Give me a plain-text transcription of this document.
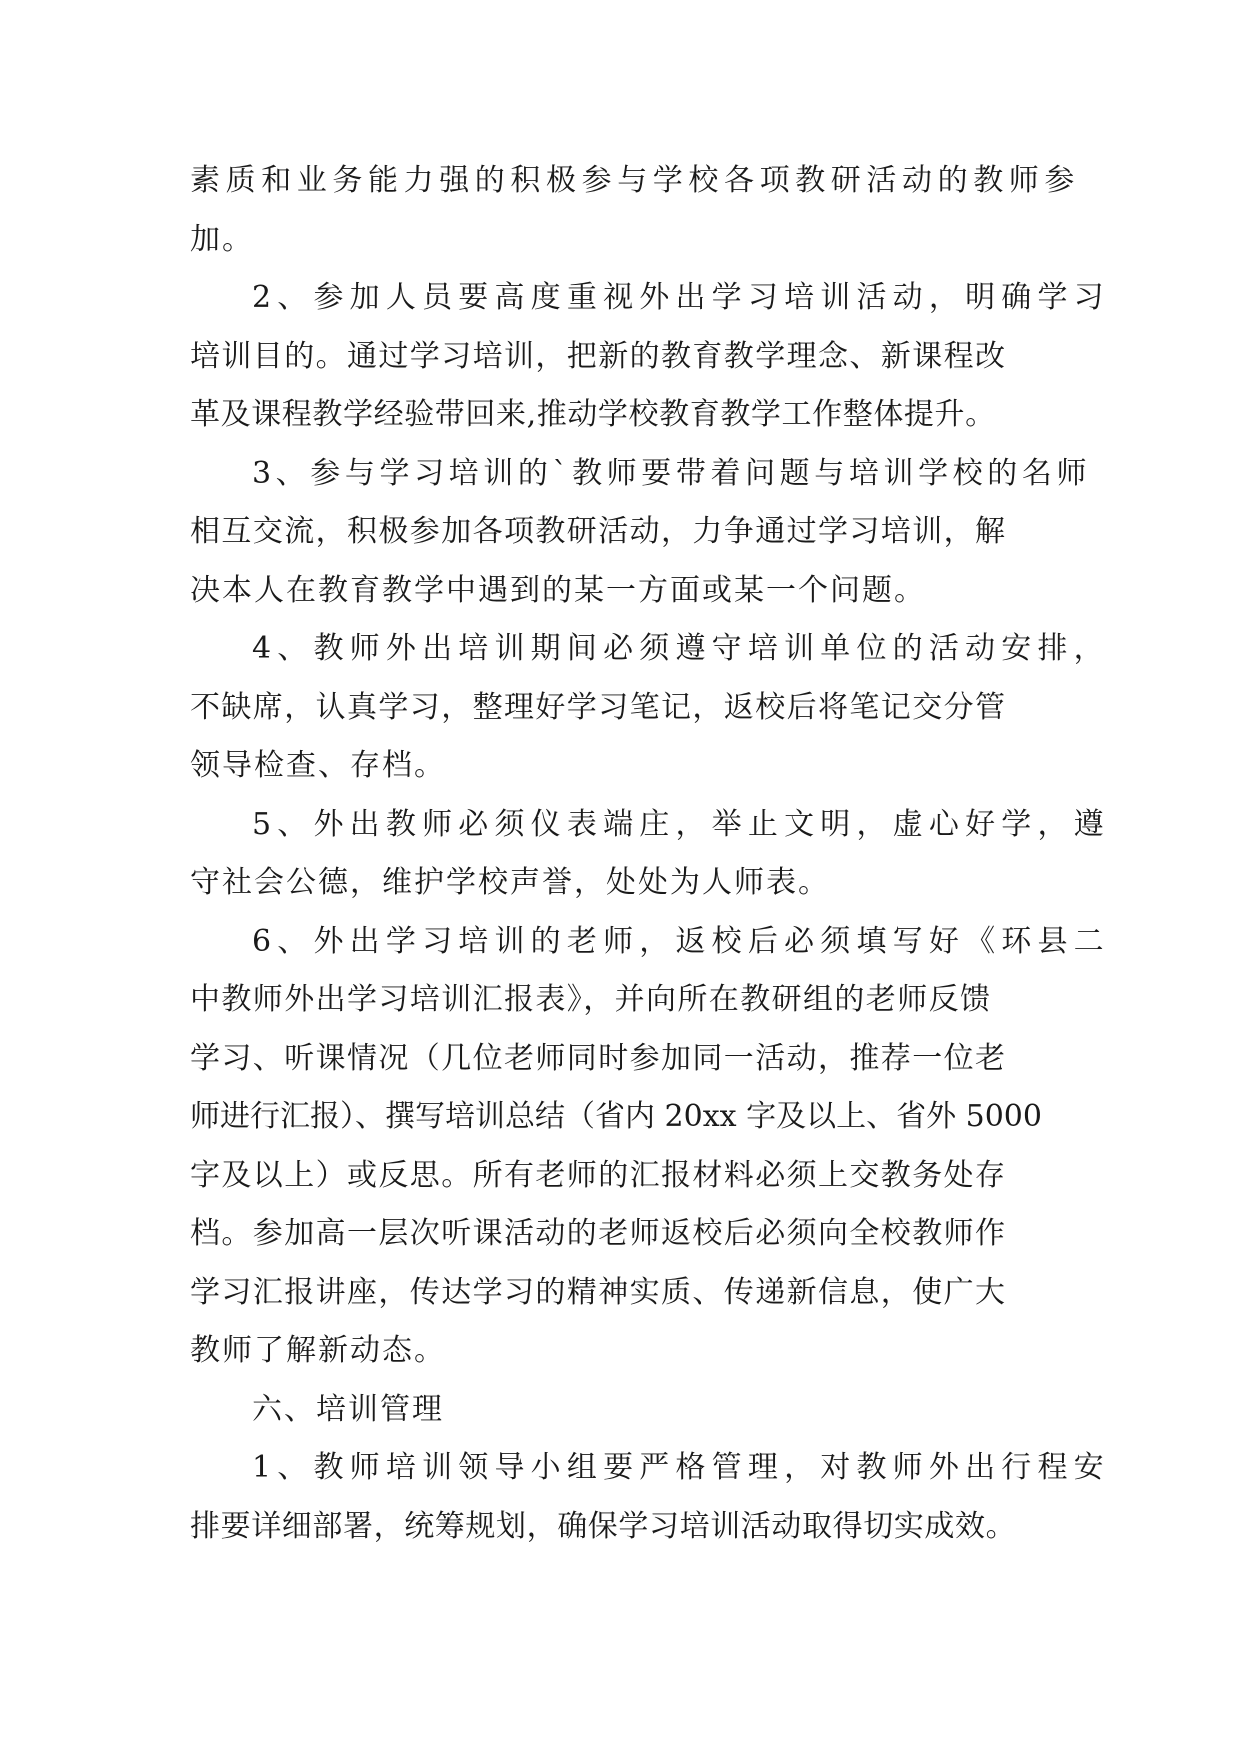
素质和业务能力强的积极参与学校各项教研活动的教师参
加。
2、参加人员要高度重视外出学习培训活动，明确学习
培训目的。通过学习培训，把新的教育教学理念、新课程改
革及课程教学经验带回来,推动学校教育教学工作整体提升。
3、参与学习培训的`教师要带着问题与培训学校的名师
相互交流，积极参加各项教研活动，力争通过学习培训，解
决本人在教育教学中遇到的某一方面或某一个问题。
4、教师外出培训期间必须遵守培训单位的活动安排，
不缺席，认真学习，整理好学习笔记，返校后将笔记交分管
领导检查、存档。
5、外出教师必须仪表端庄，举止文明，虚心好学，遵
守社会公德，维护学校声誉，处处为人师表。
6、外出学习培训的老师，返校后必须填写好《环县二
中教师外出学习培训汇报表》，并向所在教研组的老师反馈
学习、听课情况（几位老师同时参加同一活动，推荐一位老
师进行汇报）、撰写培训总结（省内 20xx 字及以上、省外 5000
字及以上）或反思。所有老师的汇报材料必须上交教务处存
档。参加高一层次听课活动的老师返校后必须向全校教师作
学习汇报讲座，传达学习的精神实质、传递新信息，使广大
教师了解新动态。
六、培训管理
1、教师培训领导小组要严格管理，对教师外出行程安
排要详细部署，统筹规划，确保学习培训活动取得切实成效。
